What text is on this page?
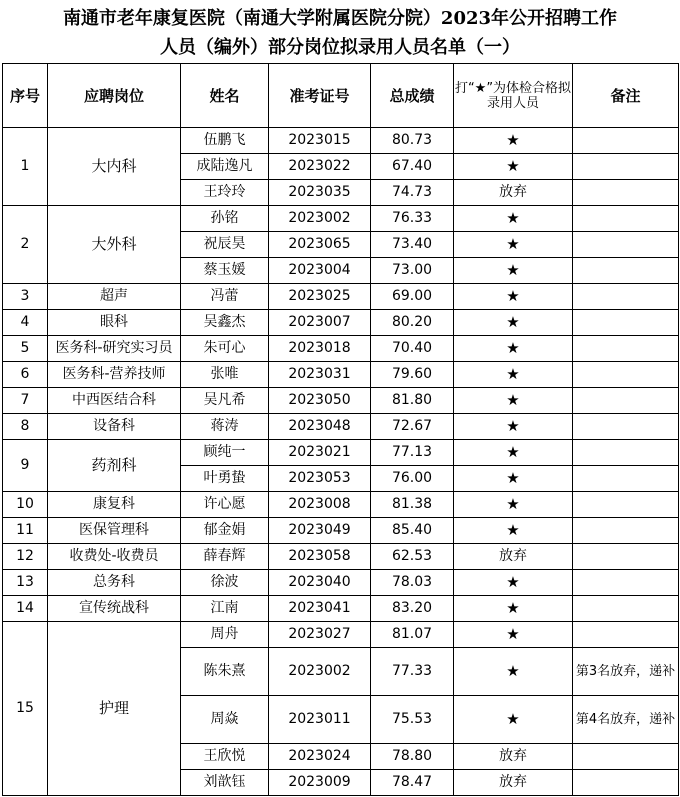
南通市老年康复医院（南通大学附属医院分院）2023年公开招聘工作
人员（编外）部分岗位拟录用人员名单（一）
序号	应聘岗位	姓名	准考证号	总成绩	打“★”为体检合格拟录用人员	备注
1	大内科	伍鹏飞	2023015	80.73	★	
		成陆逸凡	2023022	67.40	★	
		王玲玲	2023035	74.73	放弃	
2	大外科	孙铭	2023002	76.33	★	
		祝辰昊	2023065	73.40	★	
		蔡玉媛	2023004	73.00	★	
3	超声	冯蕾	2023025	69.00	★	
4	眼科	吴鑫杰	2023007	80.20	★	
5	医务科-研究实习员	朱可心	2023018	70.40	★	
6	医务科-营养技师	张唯	2023031	79.60	★	
7	中西医结合科	吴凡希	2023050	81.80	★	
8	设备科	蒋涛	2023048	72.67	★	
9	药剂科	顾纯一	2023021	77.13	★	
		叶勇蛰	2023053	76.00	★	
10	康复科	许心愿	2023008	81.38	★	
11	医保管理科	郁金娟	2023049	85.40	★	
12	收费处-收费员	薛春辉	2023058	62.53	放弃	
13	总务科	徐波	2023040	78.03	★	
14	宣传统战科	江南	2023041	83.20	★	
15	护理	周舟	2023027	81.07	★	
		陈朱熹	2023002	77.33	★	第3名放弃，递补
		周焱	2023011	75.53	★	第4名放弃，递补
		王欣悦	2023024	78.80	放弃	
		刘歆钰	2023009	78.47	放弃	
